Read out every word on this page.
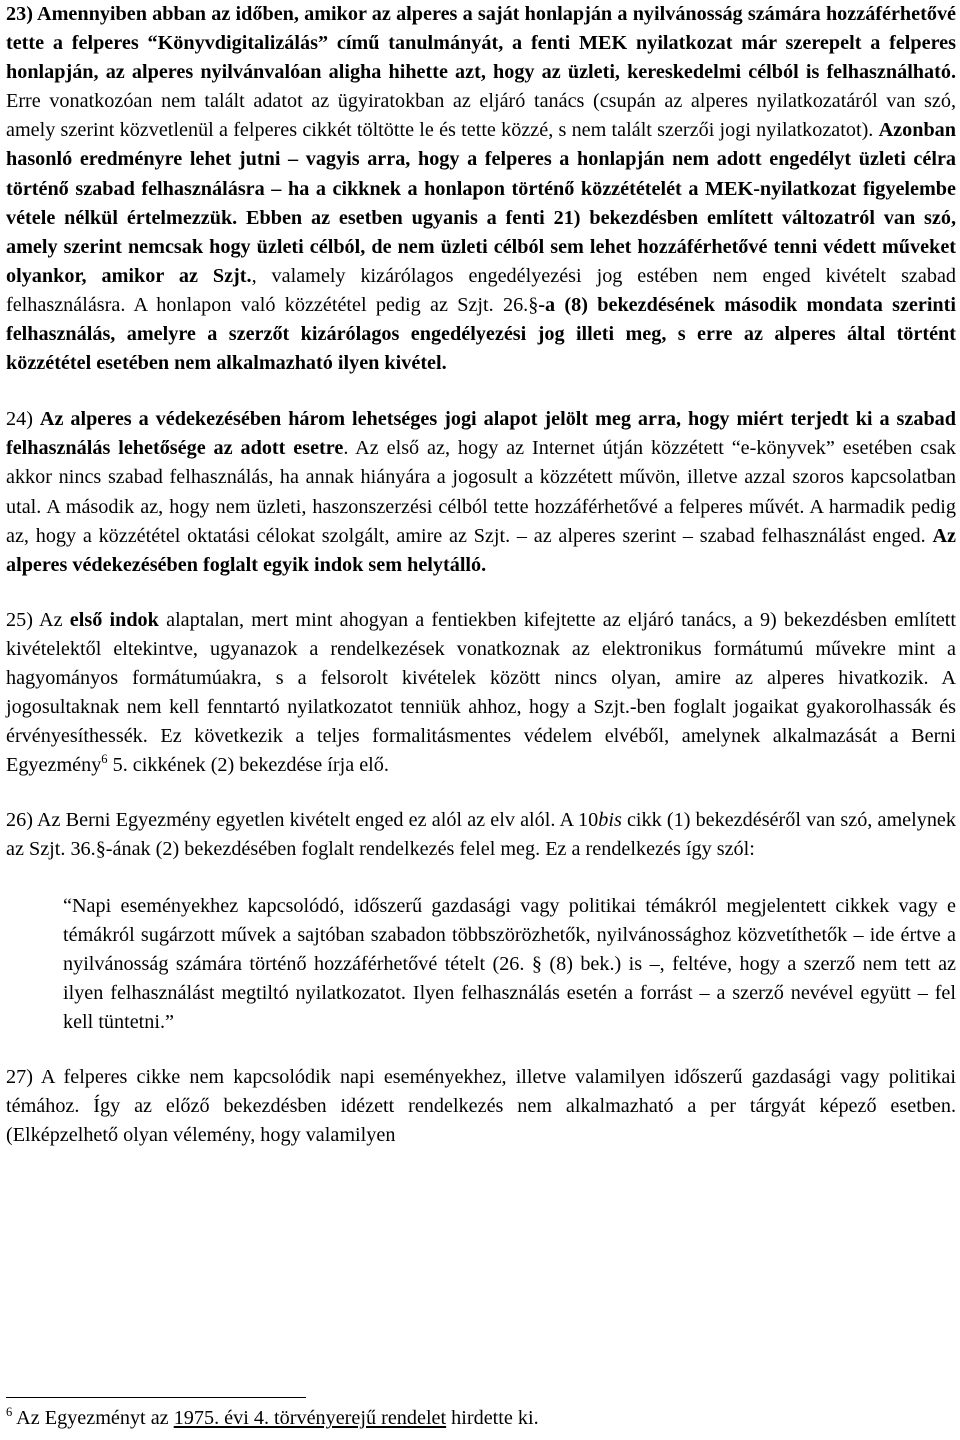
23) Amennyiben abban az időben, amikor az alperes a saját honlapján a nyilvánosság számára hozzáférhetővé tette a felperes “Könyvdigitalizálás” című tanulmányát, a fenti MEK nyilatkozat már szerepelt a felperes honlapján, az alperes nyilvánvalóan aligha hihette azt, hogy az üzleti, kereskedelmi célból is felhasználható. Erre vonatkozóan nem talált adatot az ügyiratokban az eljáró tanács (csupán az alperes nyilatkozatáról van szó, amely szerint közvetlenül a felperes cikkét töltötte le és tette közzé, s nem talált szerzői jogi nyilatkozatot). Azonban hasonló eredményre lehet jutni – vagyis arra, hogy a felperes a honlapján nem adott engedélyt üzleti célra történő szabad felhasználásra – ha a cikknek a honlapon történő közzétételét a MEK-nyilatkozat figyelembe vétele nélkül értelmezzük. Ebben az esetben ugyanis a fenti 21) bekezdésben említett változatról van szó, amely szerint nemcsak hogy üzleti célból, de nem üzleti célból sem lehet hozzáférhetővé tenni védett műveket olyankor, amikor az Szjt., valamely kizárólagos engedélyezési jog estében nem enged kivételt szabad felhasználásra. A honlapon való közzététel pedig az Szjt. 26.§-a (8) bekezdésének második mondata szerinti felhasználás, amelyre a szerzőt kizárólagos engedélyezési jog illeti meg, s erre az alperes által történt közzététel esetében nem alkalmazható ilyen kivétel.

24) Az alperes a védekezésében három lehetséges jogi alapot jelölt meg arra, hogy miért terjedt ki a szabad felhasználás lehetősége az adott esetre. Az első az, hogy az Internet útján közzétett “e-könyvek” esetében csak akkor nincs szabad felhasználás, ha annak hiányára a jogosult a közzétett művön, illetve azzal szoros kapcsolatban utal. A második az, hogy nem üzleti, haszonszerzési célból tette hozzáférhetővé a felperes művét. A harmadik pedig az, hogy a közzététel oktatási célokat szolgált, amire az Szjt. – az alperes szerint – szabad felhasználást enged. Az alperes védekezésében foglalt egyik indok sem helytálló.

25) Az első indok alaptalan, mert mint ahogyan a fentiekben kifejtette az eljáró tanács, a 9) bekezdésben említett kivételektől eltekintve, ugyanazok a rendelkezések vonatkoznak az elektronikus formátumú művekre mint a hagyományos formátumúakra, s a felsorolt kivételek között nincs olyan, amire az alperes hivatkozik. A jogosultaknak nem kell fenntartó nyilatkozatot tenniük ahhoz, hogy a Szjt.-ben foglalt jogaikat gyakorolhassák és érvényesíthessék. Ez következik a teljes formalitásmentes védelem elvéből, amelynek alkalmazását a Berni Egyezmény$^6$ 5. cikkének (2) bekezdése írja elő.

26) Az Berni Egyezmény egyetlen kivételt enged ez alól az elv alól. A 10bis cikk (1) bekezdéséről van szó, amelynek az Szjt. 36.§-ának (2) bekezdésében foglalt rendelkezés felel meg. Ez a rendelkezés így szól:

“Napi eseményekhez kapcsolódó, időszerű gazdasági vagy politikai témákról megjelentett cikkek vagy e témákról sugárzott művek a sajtóban szabadon többszörözhetők, nyilvánossághoz közvetíthetők – ide értve a nyilvánosság számára történő hozzáférhetővé tételt (26. § (8) bek.) is –, feltéve, hogy a szerző nem tett az ilyen felhasználást megtiltó nyilatkozatot. Ilyen felhasználás esetén a forrást – a szerző nevével együtt – fel kell tüntetni.”

27) A felperes cikke nem kapcsolódik napi eseményekhez, illetve valamilyen időszerű gazdasági vagy politikai témához. Így az előző bekezdésben idézett rendelkezés nem alkalmazható a per tárgyát képező esetben. (Elképzelhető olyan vélemény, hogy valamilyen

$^6$ Az Egyezményt az 1975. évi 4. törvényerejű rendelet hirdette ki.
